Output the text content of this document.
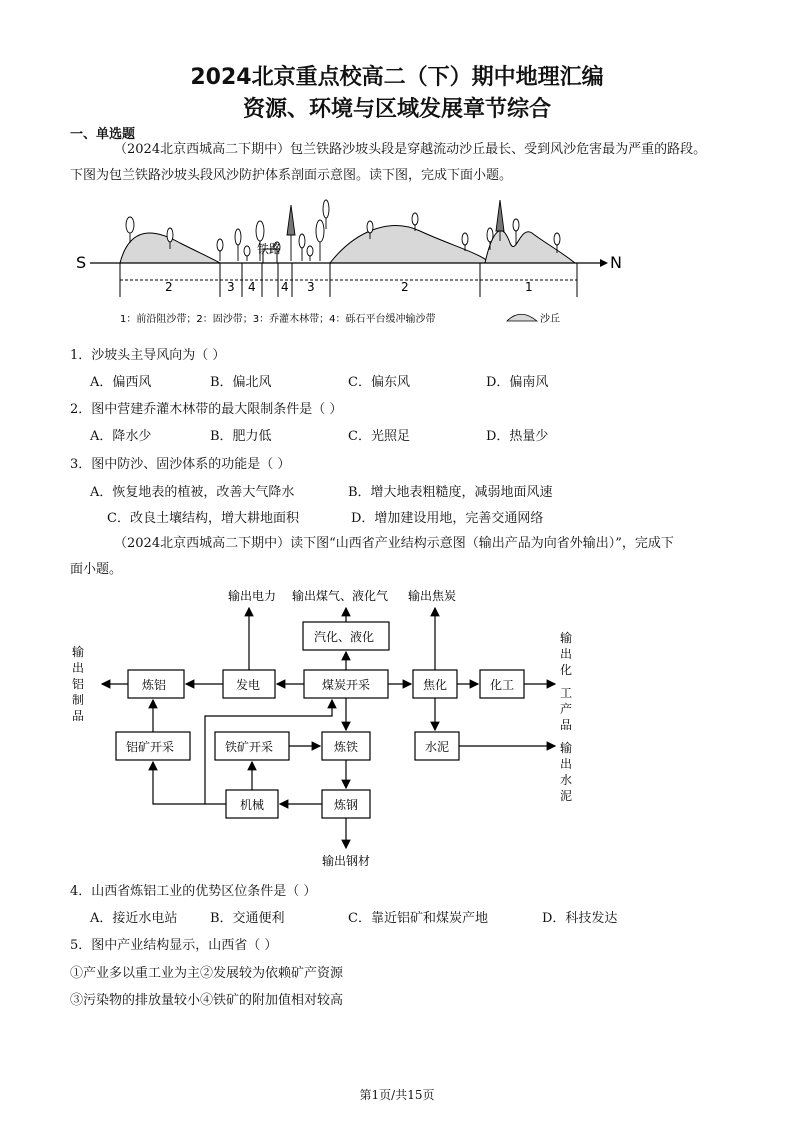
2024北京重点校高二（下）期中地理汇编
资源、环境与区域发展章节综合
一、单选题
（2024北京西城高二下期中）包兰铁路沙坡头段是穿越流动沙丘最长、受到风沙危害最为严重的路段。

下图为包兰铁路沙坡头段风沙防护体系剖面示意图。读下图，完成下面小题。
铁路
S	N
2	3 4 4 3	2	1
1：前沿阻沙带；2：固沙带；3：乔灌木林带；4：砾石平台缓冲输沙带	沙丘
1．沙坡头主导风向为（ ）
A．偏西风	B．偏北风	C．偏东风	D．偏南风
2．图中营建乔灌木林带的最大限制条件是（ ）
A．降水少	B．肥力低	C．光照足	D．热量少
3．图中防沙、固沙体系的功能是（ ）
A．恢复地表的植被，改善大气降水	B．增大地表粗糙度，减弱地面风速
C．改良土壤结构，增大耕地面积	D．增加建设用地，完善交通网络
（2024北京西城高二下期中）读下图“山西省产业结构示意图（输出产品为向省外输出）”，完成下
面小题。
输出电力 输出煤气、液化气 输出焦炭
汽化、液化
炼铝	发电	煤炭开采	焦化	化工
铝矿开采	铁矿开采	炼铁	水泥
机械	炼钢
输出钢材
输
出
铝
制
品
输
出
化
工
产
品
输
出
水
泥
4．山西省炼铝工业的优势区位条件是（ ）
A．接近水电站	B．交通便利	C．靠近铝矿和煤炭产地	D．科技发达
5．图中产业结构显示，山西省（ ）
①产业多以重工业为主②发展较为依赖矿产资源
③污染物的排放量较小④铁矿的附加值相对较高
第1页/共15页
